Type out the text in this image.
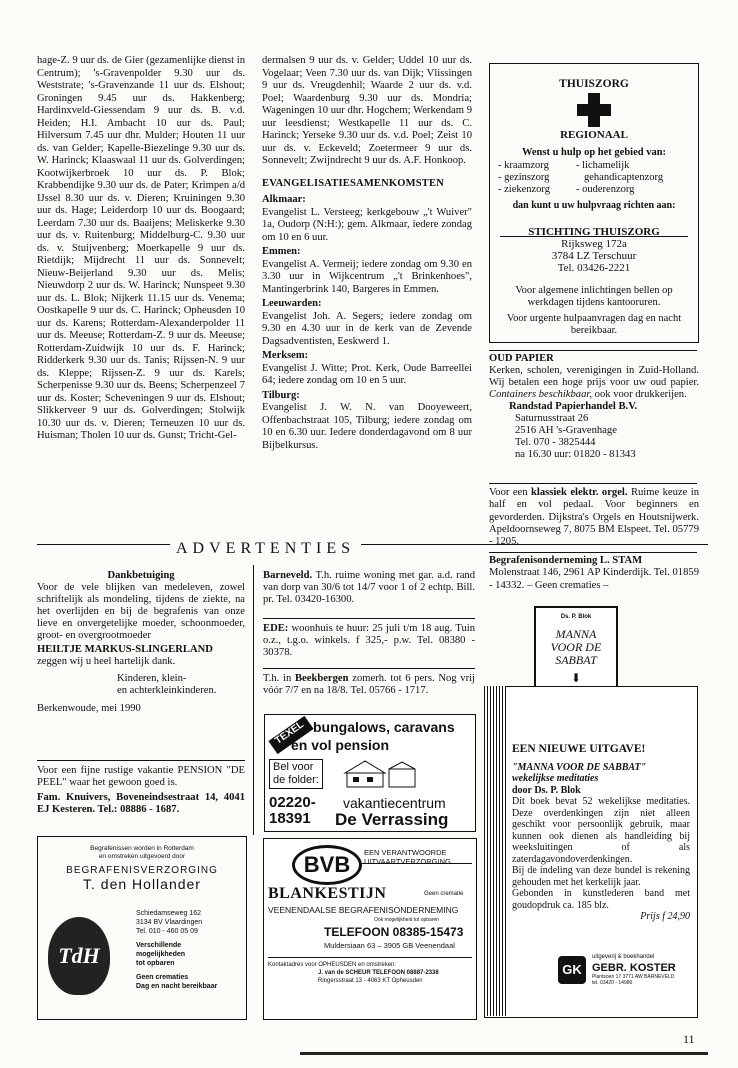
hage-Z. 9 uur ds. de Gier (gezamenlijke dienst in Centrum); 's-Gravenpolder 9.30 uur ds. Weststrate; 's-Gravenzande 11 uur ds. Elshout; Groningen 9.45 uur ds. Hakkenberg; Hardinxveld-Giessendam 9 uur ds. B. v.d. Heiden; H.I. Ambacht 10 uur ds. Paul; Hilversum 7.45 uur dhr. Mulder; Houten 11 uur ds. van Gelder; Kapelle-Biezelinge 9.30 uur ds. W. Harinck; Klaaswaal 11 uur ds. Golverdingen; Kootwijkerbroek 10 uur ds. P. Blok; Krabbendijke 9.30 uur ds. de Pater; Krimpen a/d IJssel 8.30 uur ds. v. Dieren; Kruiningen 9.30 uur ds. Hage; Leiderdorp 10 uur ds. Boogaard; Leerdam 7.30 uur ds. Baaijens; Meliskerke 9.30 uur ds. v. Ruitenburg; Middelburg-C. 9.30 uur ds. v. Stuijvenberg; Moerkapelle 9 uur ds. Rietdijk; Mijdrecht 11 uur ds. Sonnevelt; Nieuw-Beijerland 9.30 uur ds. Melis; Nieuwdorp 2 uur ds. W. Harinck; Nunspeet 9.30 uur ds. L. Blok; Nijkerk 11.15 uur ds. Venema; Oostkapelle 9 uur ds. C. Harinck; Opheusden 10 uur ds. Karens; Rotterdam-Alexanderpolder 11 uur ds. Meeuse; Rotterdam-Z. 9 uur ds. Meeuse; Rotterdam-Zuidwijk 10 uur ds. F. Harinck; Ridderkerk 9.30 uur ds. Tanis; Rijssen-N. 9 uur ds. Kleppe; Rijssen-Z. 9 uur ds. Karels; Scherpenisse 9.30 uur ds. Beens; Scherpenzeel 7 uur ds. Koster; Scheveningen 9 uur ds. Elshout; Slikkerveer 9 uur ds. Golverdingen; Stolwijk 10.30 uur ds. v. Dieren; Terneuzen 10 uur ds. Huisman; Tholen 10 uur ds. Gunst; Tricht-Gel-

dermalsen 9 uur ds. v. Gelder; Uddel 10 uur ds. Vogelaar; Veen 7.30 uur ds. van Dijk; Vlissingen 9 uur ds. Vreugdenhil; Waarde 2 uur ds. v.d. Poel; Waardenburg 9.30 uur ds. Mondria; Wageningen 10 uur dhr. Hogchem; Werkendam 9 uur leesdienst; Westkapelle 11 uur ds. C. Harinck; Yerseke 9.30 uur ds. v.d. Poel; Zeist 10 uur ds. v. Eckeveld; Zoetermeer 9 uur ds. Sonnevelt; Zwijndrecht 9 uur ds. A.F. Honkoop.

EVANGELISATIESAMENKOMSTEN
Alkmaar:

Evangelist L. Versteeg; kerkgebouw „'t Wuiver" 1a, Oudorp (N:H:); gem. Alkmaar, iedere zondag om 10 en 6 uur.

Emmen:

Evangelist A. Vermeij; iedere zondag om 9.30 en 3.30 uur in Wijkcentrum „'t Brinkenhoes", Mantingerbrink 140, Bargeres in Emmen.

Leeuwarden:

Evangelist Joh. A. Segers; iedere zondag om 9.30 en 4.30 uur in de kerk van de Zevende Dagsadventisten, Eeskwerd 1.

Merksem:

Evangelist J. Witte; Prot. Kerk, Oude Barreellei 64; iedere zondag om 10 en 5 uur.

Tilburg:

Evangelist J. W. N. van Dooyeweert, Offenbachstraat 105, Tilburg; iedere zondag om 10 en 6.30 uur. Iedere donderdagavond om 8 uur Bijbelkursus.

THUISZORG
REGIONAAL
Wenst u hulp op het gebied van:
- kraamzorg
- gezinszorg
- ziekenzorg
- lichamelijk
gehandicaptenzorg
- ouderenzorg
dan kunt u uw hulpvraag richten aan:
STICHTING THUISZORG
Rijksweg 172a
3784 LZ Terschuur
Tel. 03426-2221
Voor algemene inlichtingen bellen op werkdagen tijdens kantooruren.
Voor urgente hulpaanvragen dag en nacht bereikbaar.
OUD PAPIER
Kerken, scholen, verenigingen in Zuid-Holland. Wij betalen een hoge prijs voor uw oud papier. Containers beschikbaar, ook voor drukkerijen.
Randstad Papierhandel B.V.
Saturnusstraat 26
2516 AH 's-Gravenhage
Tel. 070 - 3825444
na 16.30 uur: 01820 - 81343
Voor een klassiek elektr. orgel. Ruime keuze in half en vol pedaal. Voor beginners en gevorderden. Dijkstra's Orgels en Houtsnijwerk. Apeldoornseweg 7, 8075 BM Elspeet. Tel. 05779 - 1205.
Begrafenisonderneming L. STAM
Molenstraat 146, 2961 AP Kinderdijk. Tel. 01859 - 14332. – Geen crematies –
ADVERTENTIES
Dankbetuiging
Voor de vele blijken van medeleven, zowel schriftelijk als mondeling, tijdens de ziekte, na het overlijden en bij de begrafenis van onze lieve en onvergetelijke moeder, schoonmoeder, groot- en overgrootmoeder
HEILTJE MARKUS-SLINGERLAND
zeggen wij u heel hartelijk dank.
Kinderen, klein-
en achterkleinkinderen.
Berkenwoude, mei 1990
Voor een fijne rustige vakantie PENSION "DE PEEL" waar het gewoon goed is.
Fam. Knuivers, Boveneindsestraat 14, 4041 EJ Kesteren. Tel.: 08886 - 1687.
Begrafenissen worden in Rotterdam
en omstreken uitgevoerd door
BEGRAFENISVERZORGING
T. den Hollander
TdH
Schiedamseweg 162
3134 BV Vlaardingen
Tel. 010 - 460 05 09
Verschillende
mogelijkheden
tot opbaren
Geen crematies
Dag en nacht bereikbaar
Barneveld. T.h. ruime woning met gar. a.d. rand van dorp van 30/6 tot 14/7 voor 1 of 2 echtp. Bill. pr. Tel. 03420-16300.
EDE: woonhuis te huur: 25 juli t/m 18 aug. Tuin o.z., t.g.o. winkels. f 325,- p.w. Tel. 08380 - 30378.
T.h. in Beekbergen zomerh. tot 6 pers. Nog vrij vóór 7/7 en na 18/8. Tel. 05766 - 1717.
TEXEL bungalows, caravans
en vol pension
Bel voor
de folder:
02220-
18391
vakantiecentrum
De Verrassing
BVB	EEN VERANTWOORDE
UITVAARTVERZORGING
BLANKESTIJN	Geen crematie
VEENENDAALSE BEGRAFENISONDERNEMING
Ook mogelijkheid tot opbaren
TELEFOON 08385-15473
Muldersiaan 63 – 3905 GB Veenendaal
Kontaktadres voor OPHEUSDEN en omstreken:
J. van de SCHEUR TELEFOON 08887-2338
Ringersstraat 13 - 4063 KT Opheusden
Ds. P. Blok
MANNA
VOOR DE
SABBAT
⬇
EEN NIEUWE UITGAVE!
"MANNA VOOR DE SABBAT"
wekelijkse meditaties
door Ds. P. Blok
Dit boek bevat 52 wekelijkse meditaties. Deze overdenkingen zijn niet alleen geschikt voor persoonlijk gebruik, maar kunnen ook dienen als handleiding bij weeksluitingen of als zaterdagavondoverdenkingen.
Bij de indeling van deze bundel is rekening gehouden met het kerkelijk jaar.
Gebonden in kunstlederen band met goudopdruk ca. 185 blz.
Prijs f 24,90
GK
uitgeverij & boekhandel
GEBR. KOSTER
Plantsoen 17 3771 AW BARNEVELD
tel. 03420 - 14986
11
